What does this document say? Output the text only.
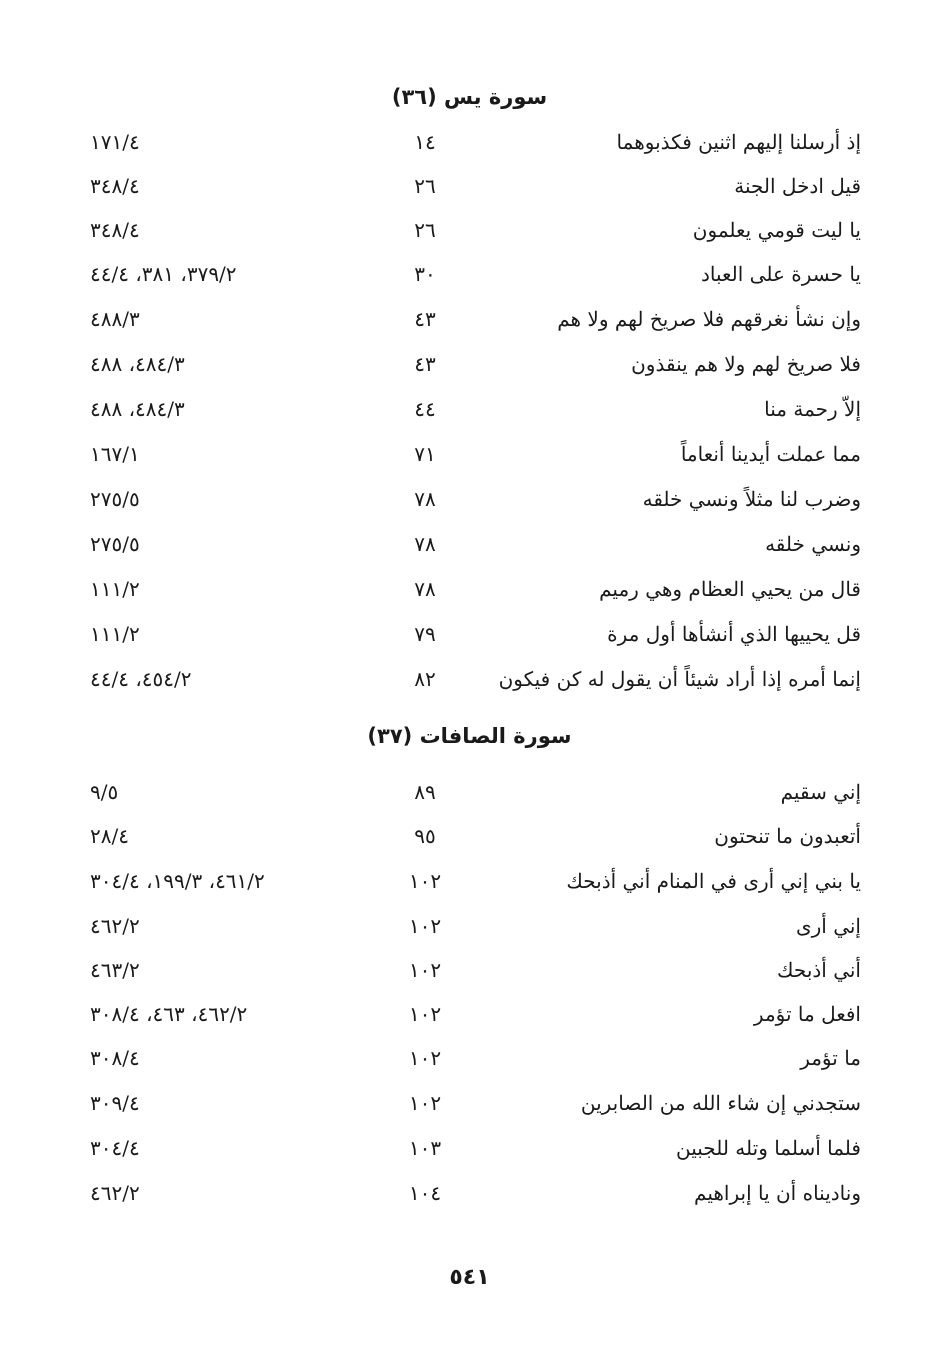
سورة يس (٣٦)
إذ أرسلنا إليهم اثنين فكذبوهما
١٤
١٧١/٤
قيل ادخل الجنة
٢٦
٣٤٨/٤
يا ليت قومي يعلمون
٢٦
٣٤٨/٤
يا حسرة على العباد
٣٠
٣٧٩/٢، ٣٨١، ٤٤/٤
وإن نشأ نغرقهم فلا صريخ لهم ولا هم
٤٣
٤٨٨/٣
فلا صريخ لهم ولا هم ينقذون
٤٣
٤٨٤/٣، ٤٨٨
إلاّ رحمة منا
٤٤
٤٨٤/٣، ٤٨٨
مما عملت أيدينا أنعاماً
٧١
١٦٧/١
وضرب لنا مثلاً ونسي خلقه
٧٨
٢٧٥/٥
ونسي خلقه
٧٨
٢٧٥/٥
قال من يحيي العظام وهي رميم
٧٨
١١١/٢
قل يحييها الذي أنشأها أول مرة
٧٩
١١١/٢
إنما أمره إذا أراد شيئاً أن يقول له كن فيكون
٨٢
٤٥٤/٢، ٤٤/٤
سورة الصافات (٣٧)
إني سقيم
٨٩
٩/٥
أتعبدون ما تنحتون
٩٥
٢٨/٤
يا بني إني أرى في المنام أني أذبحك
١٠٢
٤٦١/٢، ١٩٩/٣، ٣٠٤/٤
إني أرى
١٠٢
٤٦٢/٢
أني أذبحك
١٠٢
٤٦٣/٢
افعل ما تؤمر
١٠٢
٤٦٢/٢، ٤٦٣، ٣٠٨/٤
ما تؤمر
١٠٢
٣٠٨/٤
ستجدني إن شاء الله من الصابرين
١٠٢
٣٠٩/٤
فلما أسلما وتله للجبين
١٠٣
٣٠٤/٤
وناديناه أن يا إبراهيم
١٠٤
٤٦٢/٢
٥٤١
